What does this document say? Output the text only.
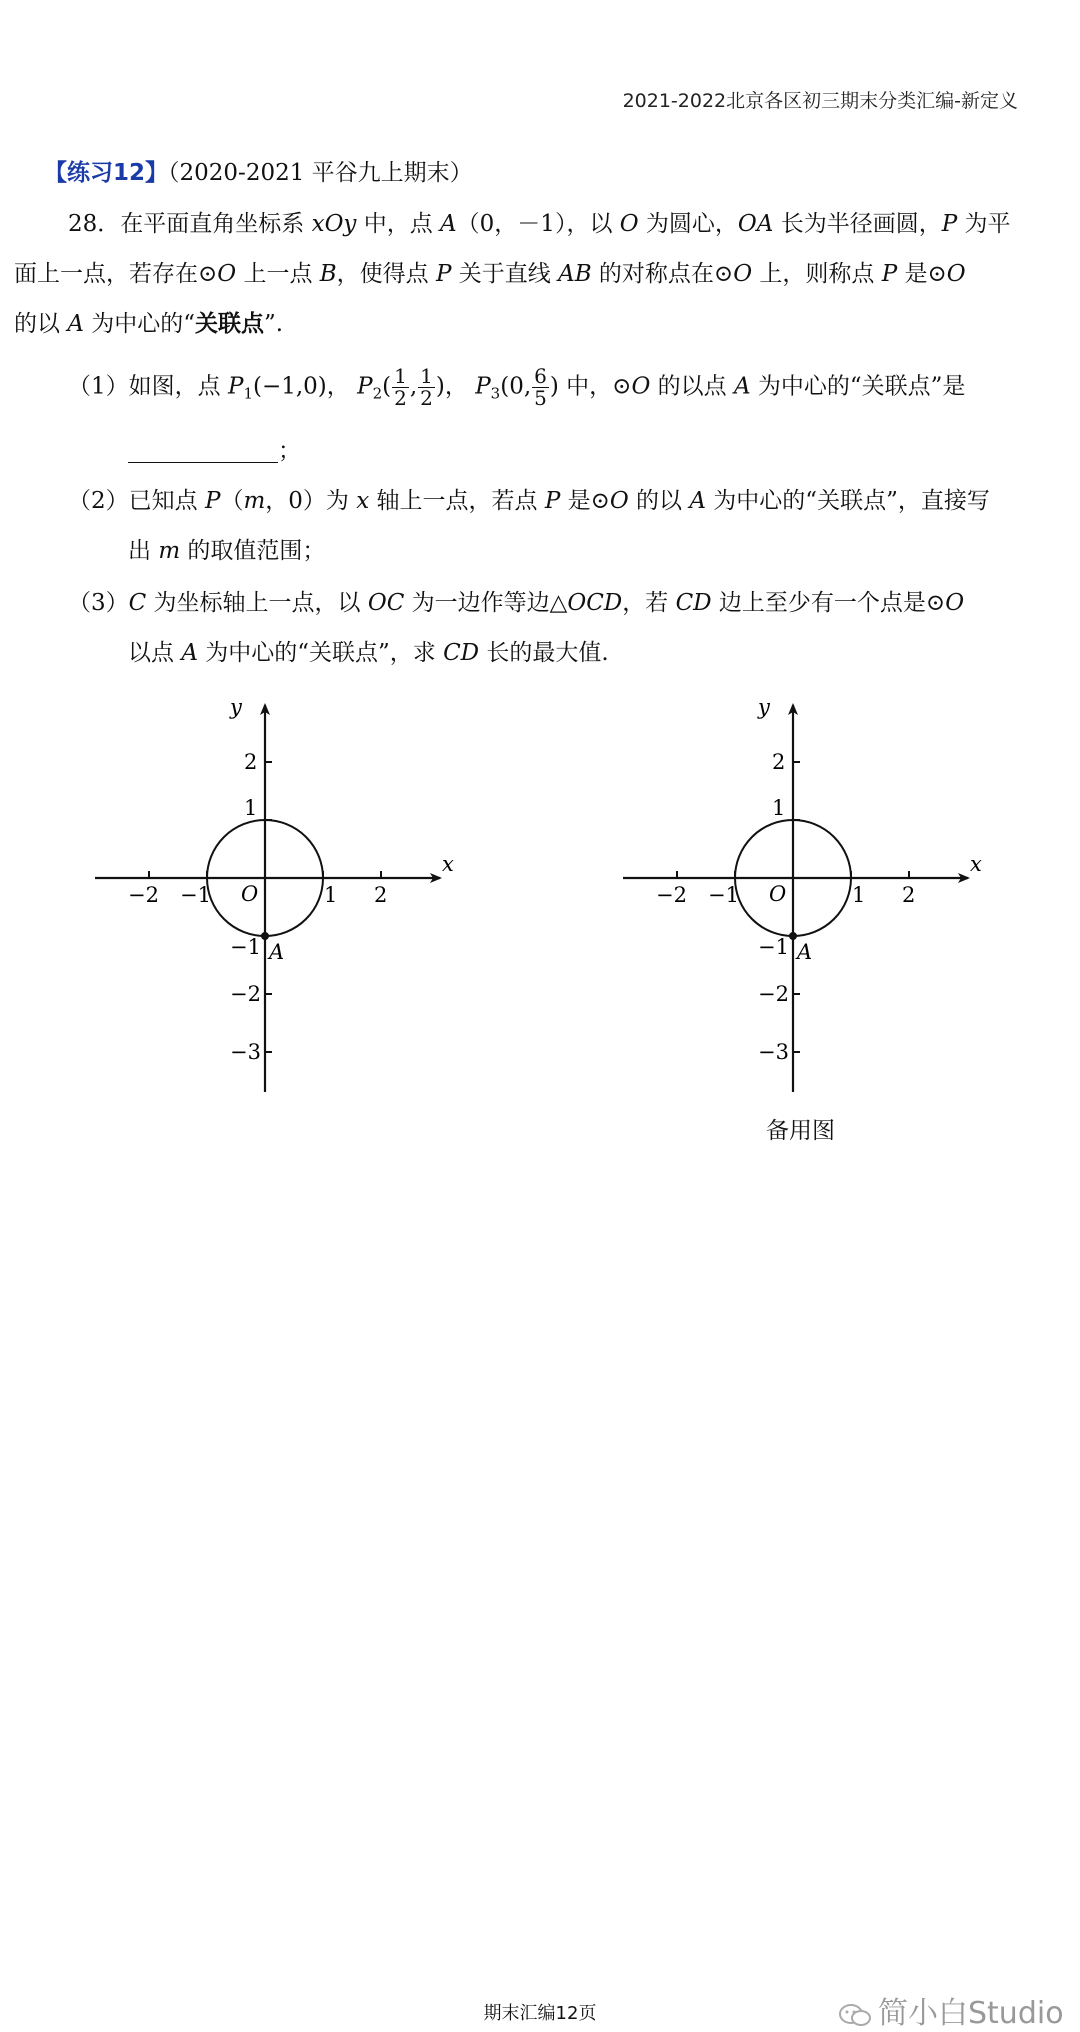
2021-2022北京各区初三期末分类汇编-新定义
【练习12】（2020-2021 平谷九上期末）
28．在平面直角坐标系 xOy 中，点 A（0，－1），以 O 为圆心，OA 长为半径画圆，P 为平
面上一点，若存在⊙O 上一点 B，使得点 P 关于直线 AB 的对称点在⊙O 上，则称点 P 是⊙O
的以 A 为中心的“关联点”.
（1）如图，点 $P_1(-1,0)$， $P_2( \frac{1}{2}$ , $\frac{1}{2}$ )， $P_3(0$, $\frac{6}{5}$ ) 中，⊙O 的以点 A 为中心的“关联点”是
；
（2）已知点 P（m，0）为 x 轴上一点，若点 P 是⊙O 的以 A 为中心的“关联点”，直接写
出 m 的取值范围；
（3）C 为坐标轴上一点，以 OC 为一边作等边△OCD，若 CD 边上至少有一个点是⊙O
以点 A 为中心的“关联点”，求 CD 长的最大值.
y
x
O
A
−2 −1	1 2
2
1
−1
−2
−3
y
x
O
A
−2 −1	1 2
2
1
−1
−2
−3
备用图
期末汇编12页	简小白Studio
